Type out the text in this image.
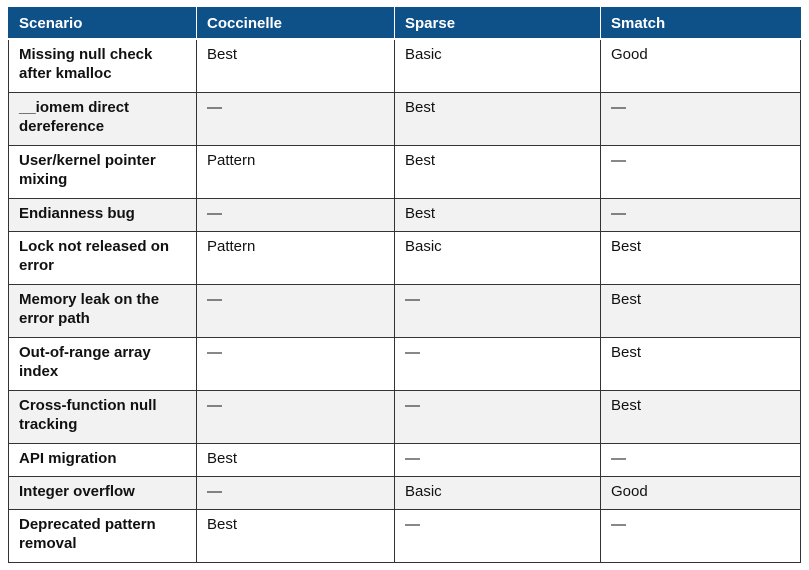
Scenario	Coccinelle	Sparse	Smatch
Missing null check after kmalloc	Best	Basic	Good
__iomem direct dereference	—	Best	—
User/kernel pointer mixing	Pattern	Best	—
Endianness bug	—	Best	—
Lock not released on error	Pattern	Basic	Best
Memory leak on the error path	—	—	Best
Out-of-range array index	—	—	Best
Cross-function null tracking	—	—	Best
API migration	Best	—	—
Integer overflow	—	Basic	Good
Deprecated pattern removal	Best	—	—
